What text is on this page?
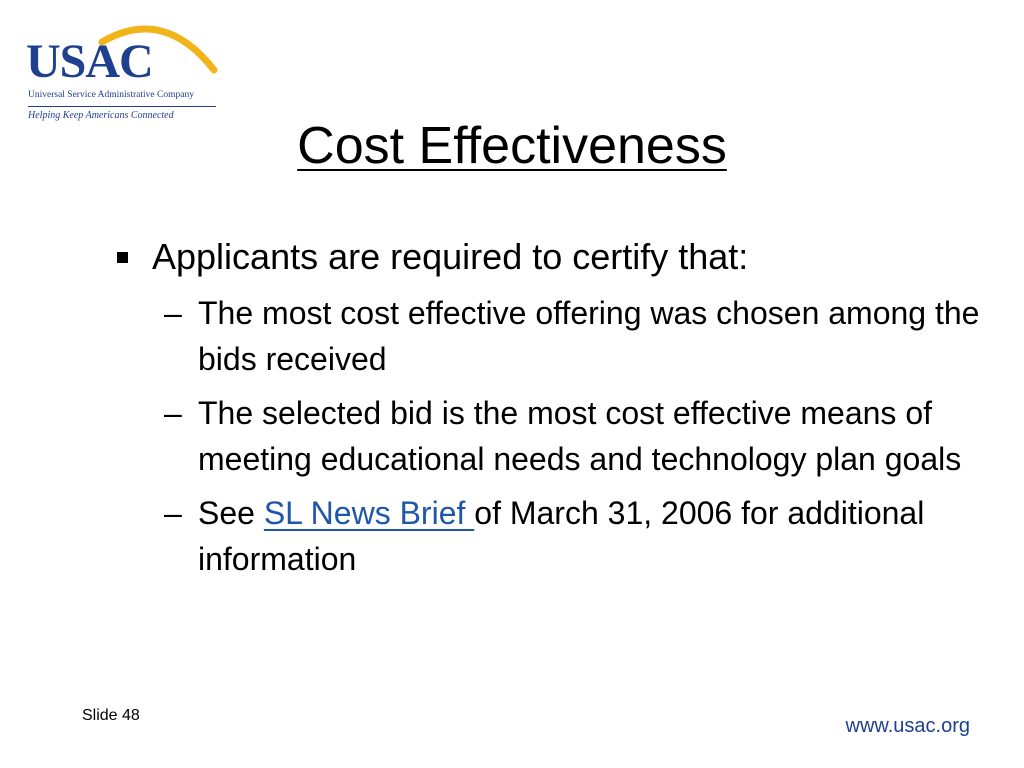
USAC
Universal Service Administrative Company
Helping Keep Americans Connected
Cost Effectiveness
Applicants are required to certify that:
– The most cost effective offering was chosen among the bids received
– The selected bid is the most cost effective means of meeting educational needs and technology plan goals
– See SL News Brief of March 31, 2006 for additional information
Slide 48	www.usac.org
